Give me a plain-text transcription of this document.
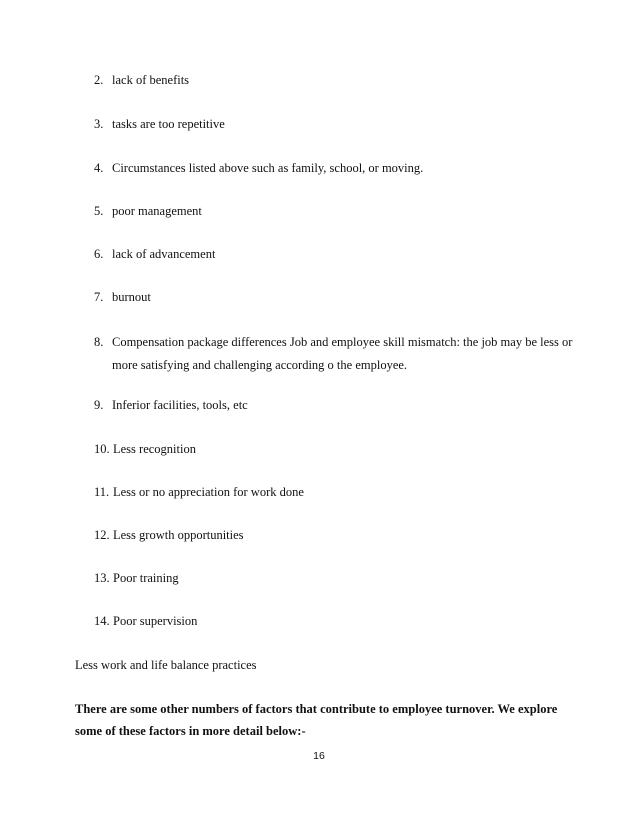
2. lack of benefits
3. tasks are too repetitive
4. Circumstances listed above such as family, school, or moving.
5. poor management
6. lack of advancement
7. burnout
8. Compensation package differences Job and employee skill mismatch: the job may be less or more satisfying and challenging according o the employee.
9. Inferior facilities, tools, etc
10. Less recognition
11. Less or no appreciation for work done
12. Less growth opportunities
13. Poor training
14. Poor supervision
Less work and life balance practices
There are some other numbers of factors that contribute to employee turnover. We explore some of these factors in more detail below:-
16
